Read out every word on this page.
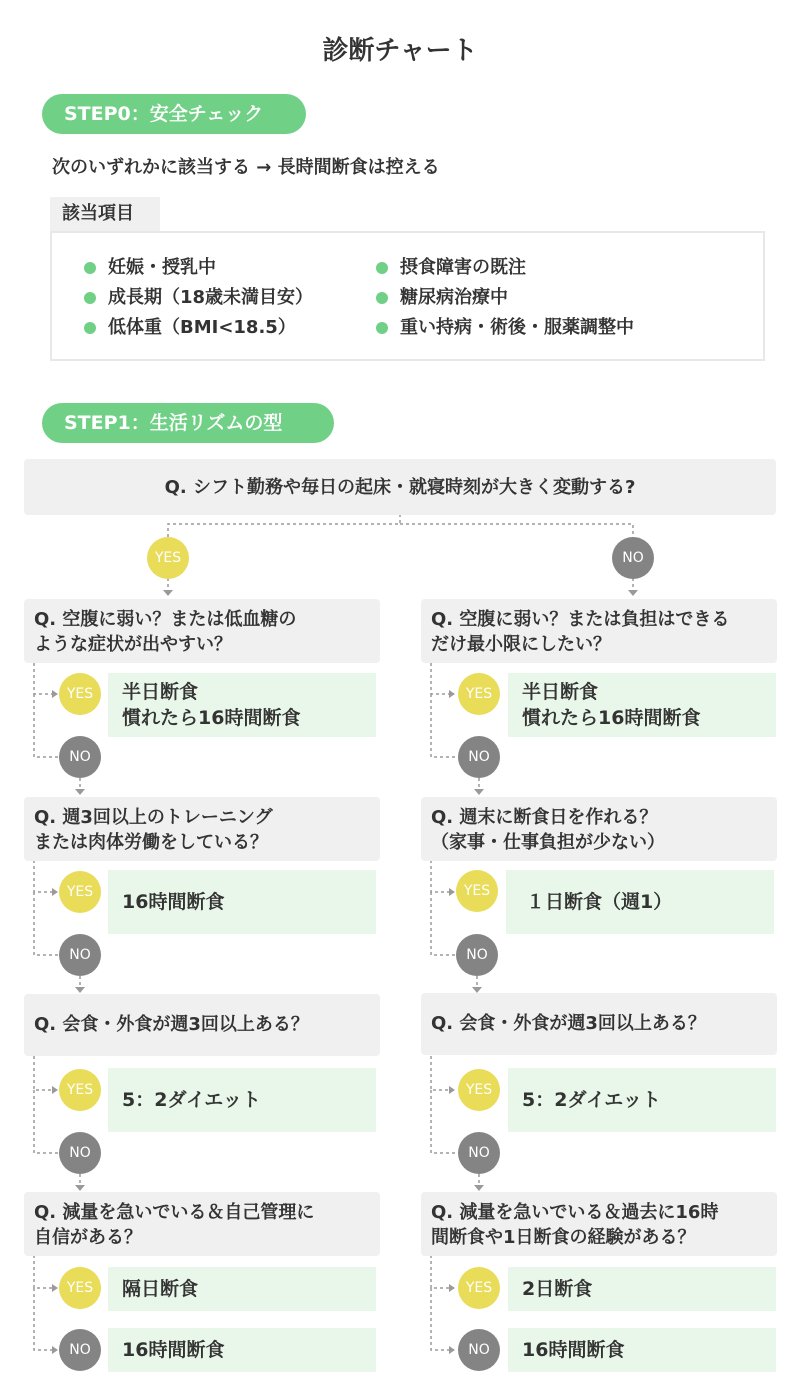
診断チャート
STEP0：安全チェック
次のいずれかに該当する → 長時間断食は控える
該当項目
妊娠・授乳中
成長期（18歳未満目安）
低体重（BMI<18.5）
摂食障害の既注
糖尿病治療中
重い持病・術後・服薬調整中
STEP1：生活リズムの型
Q. シフト勤務や毎日の起床・就寝時刻が大きく変動する?
YES	NO
Q. 空腹に弱い？または低血糖の
ような症状が出やすい？
YES	半日断食
慣れたら16時間断食
NO
Q. 週3回以上のトレーニング
または肉体労働をしている？
YES	16時間断食
NO
Q. 会食・外食が週3回以上ある？
YES	5：2ダイエット
NO
Q. 減量を急いでいる＆自己管理に
自信がある？
YES	隔日断食
NO	16時間断食
Q. 空腹に弱い？または負担はできる
だけ最小限にしたい？
YES	半日断食
慣れたら16時間断食
NO
Q. 週末に断食日を作れる？
（家事・仕事負担が少ない）
YES	１日断食（週1）
NO
Q. 会食・外食が週3回以上ある？
YES	5：2ダイエット
NO
Q. 減量を急いでいる＆過去に16時
間断食や1日断食の経験がある？
YES	2日断食
NO	16時間断食
